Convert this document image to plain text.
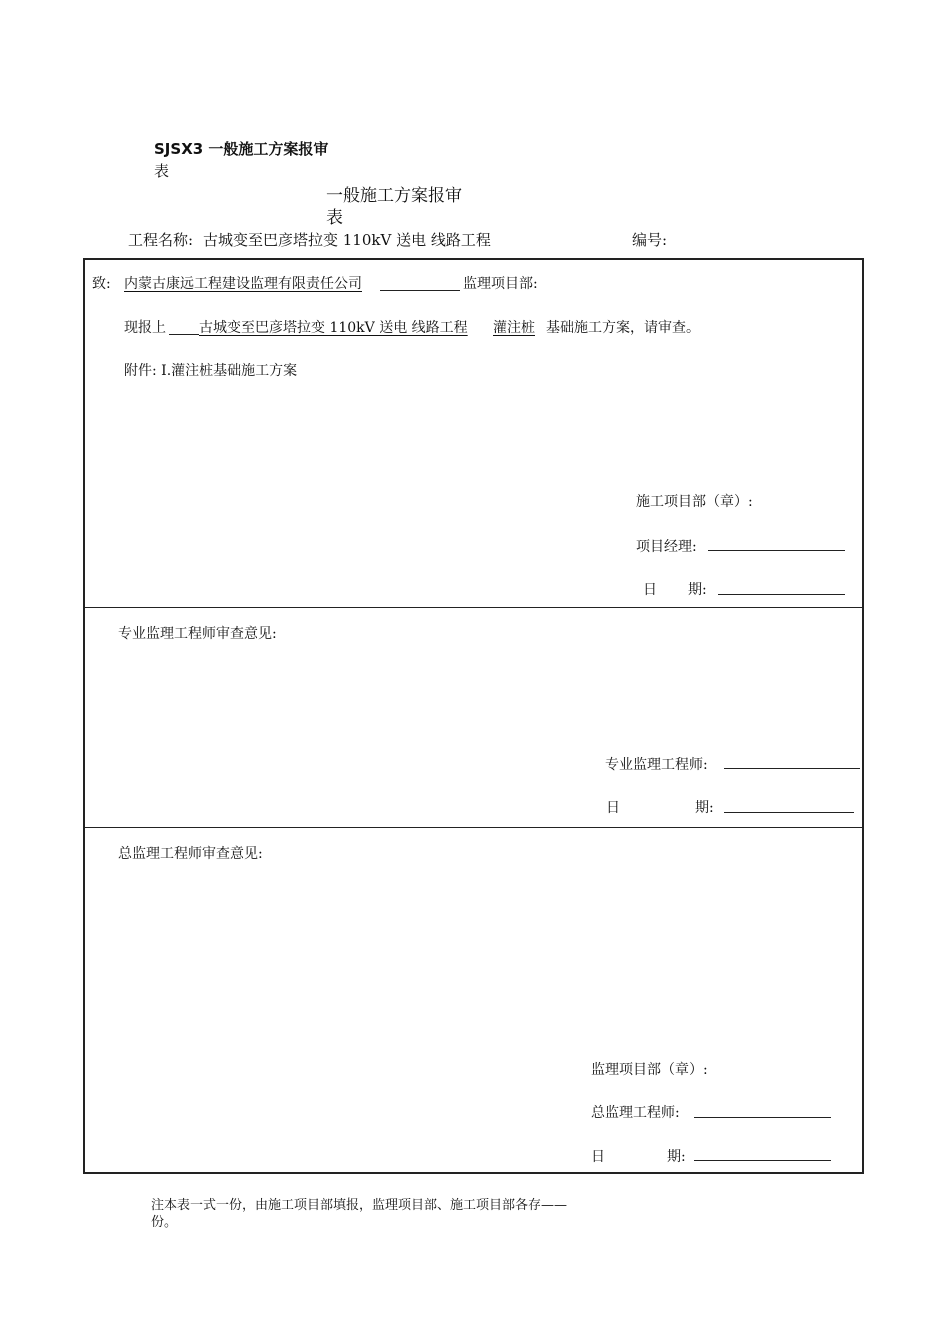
SJSX3 一般施工方案报审
表
一般施工方案报审
表
工程名称: 古城变至巴彦塔拉变 110kV 送电 线路工程	编号:
致: 内蒙古康远工程建设监理有限责任公司	监理项目部:
现报上 古城变至巴彦塔拉变 110kV 送电 线路工程 灌注桩 基础施工方案，请审查。
附件: I.灌注桩基础施工方案
施工项目部（章）:
项目经理:
日 期:
专业监理工程师审查意见:
专业监理工程师:
日	期:
总监理工程师审查意见:
监理项目部（章）:
总监理工程师:
日	期:
注本表一式一份，由施工项目部填报，监理项目部、施工项目部各存——
份。
